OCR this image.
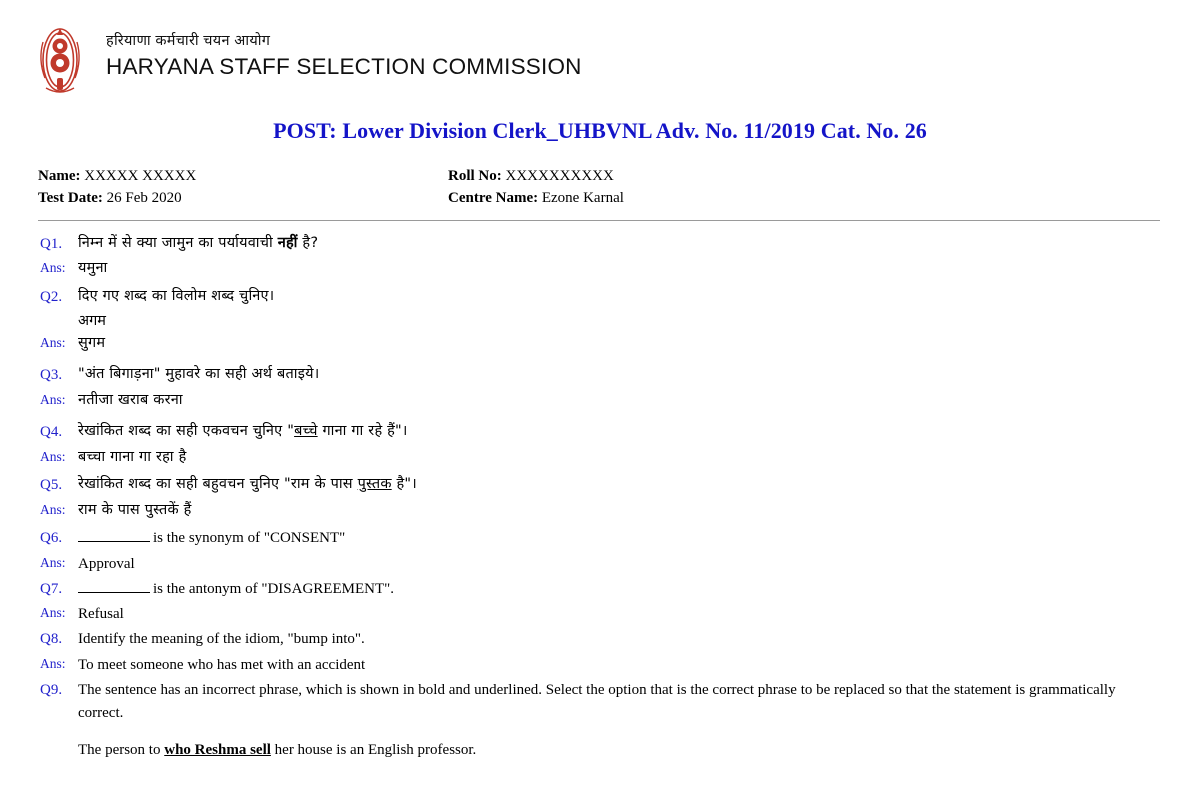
हरियाणा कर्मचारी चयन आयोग
HARYANA STAFF SELECTION COMMISSION
POST: Lower Division Clerk_UHBVNL Adv. No. 11/2019 Cat. No. 26
Name: XXXXX XXXXX
Test Date: 26 Feb 2020
Roll No: XXXXXXXXXX
Centre Name: Ezone Karnal
Q1.	निम्न में से क्या जामुन का पर्यायवाची नहीं है?
Ans: यमुना
Q2.	दिए गए शब्द का विलोम शब्द चुनिए।
अगम
Ans: सुगम
Q3.	"अंत बिगाड़ना" मुहावरे का सही अर्थ बताइये।
Ans: नतीजा खराब करना
Q4.	रेखांकित शब्द का सही एकवचन चुनिए "बच्चे गाना गा रहे हैं"।
Ans: बच्चा गाना गा रहा है
Q5.	रेखांकित शब्द का सही बहुवचन चुनिए "राम के पास पुस्तक है"।
Ans: राम के पास पुस्तकें हैं
Q6.	is the synonym of "CONSENT"
Ans: Approval
Q7.	is the antonym of "DISAGREEMENT".
Ans: Refusal
Q8.	Identify the meaning of the idiom, "bump into".
Ans: To meet someone who has met with an accident
Q9.	The sentence has an incorrect phrase, which is shown in bold and underlined. Select the option that is the correct phrase to be replaced so that the statement is grammatically correct.
The person to who Reshma sell her house is an English professor.
